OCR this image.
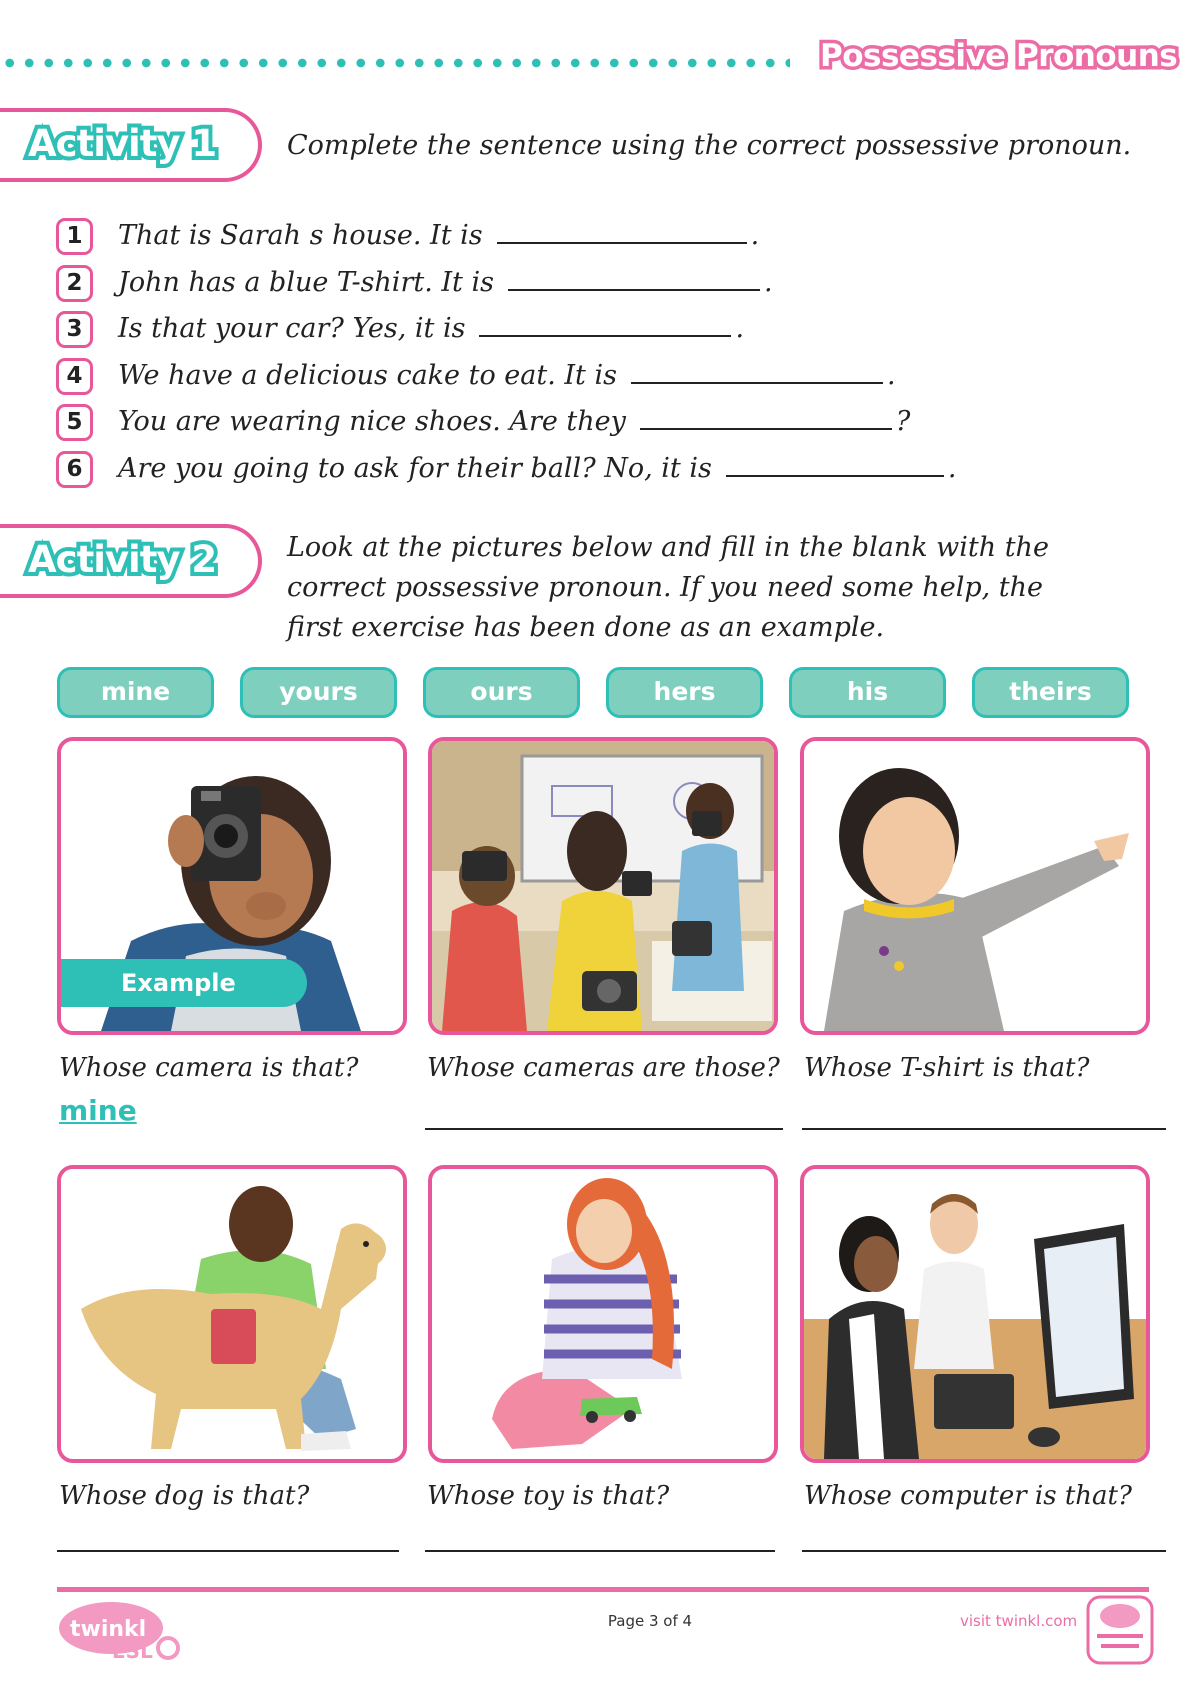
Possessive Pronouns
Activity 1	Complete the sentence using the correct possessive pronoun.
1	That is Sarah s house. It is	.
2	John has a blue T-shirt. It is	.
3	Is that your car? Yes, it is	.
4	We have a delicious cake to eat. It is	.
5	You are wearing nice shoes. Are they	?
6	Are you going to ask for their ball? No, it is	.
Activity 2	Look at the pictures below and fill in the blank with the
correct possessive pronoun. If you need some help, the
first exercise has been done as an example.
mine	yours	ours	hers	his	theirs
Example
Whose camera is that?
mine
Whose cameras are those? Whose T-shirt is that?
Whose dog is that?	Whose toy is that?	Whose computer is that?
twinkl
ESL
Page 3 of 4	visit twinkl.com
